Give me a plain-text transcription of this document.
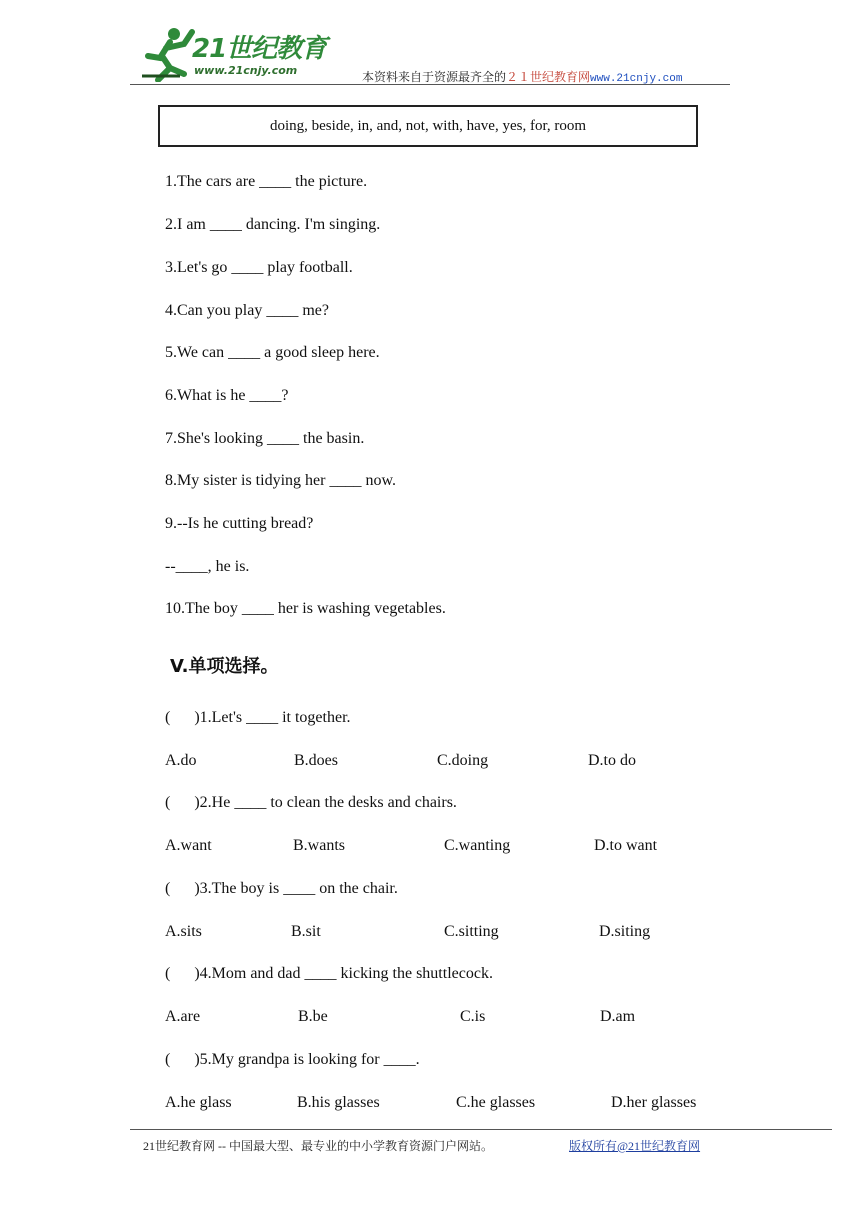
21世纪教育
www.21cnjy.com	本资料来自于资源最齐全的２１世纪教育网www.21cnjy.com
doing, beside, in, and, not, with, have, yes, for, room
1.The cars are ____ the picture.
2.I am ____ dancing. I'm singing.
3.Let's go ____ play football.
4.Can you play ____ me?
5.We can ____ a good sleep here.
6.What is he ____?
7.She's looking ____ the basin.
8.My sister is tidying her ____ now.
9.--Is he cutting bread?
--____, he is.
10.The boy ____ her is washing vegetables.
V.单项选择。
(      )1.Let's ____ it together.
A.do	B.does	C.doing	D.to do
(      )2.He ____ to clean the desks and chairs.
A.want	B.wants	C.wanting	D.to want
(      )3.The boy is ____ on the chair.
A.sits	B.sit	C.sitting	D.siting
(      )4.Mom and dad ____ kicking the shuttlecock.
A.are	B.be	C.is	D.am
(      )5.My grandpa is looking for ____.
A.he glass	B.his glasses	C.he glasses	D.her glasses
21世纪教育网 -- 中国最大型、最专业的中小学教育资源门户网站。	版权所有@21世纪教育网
